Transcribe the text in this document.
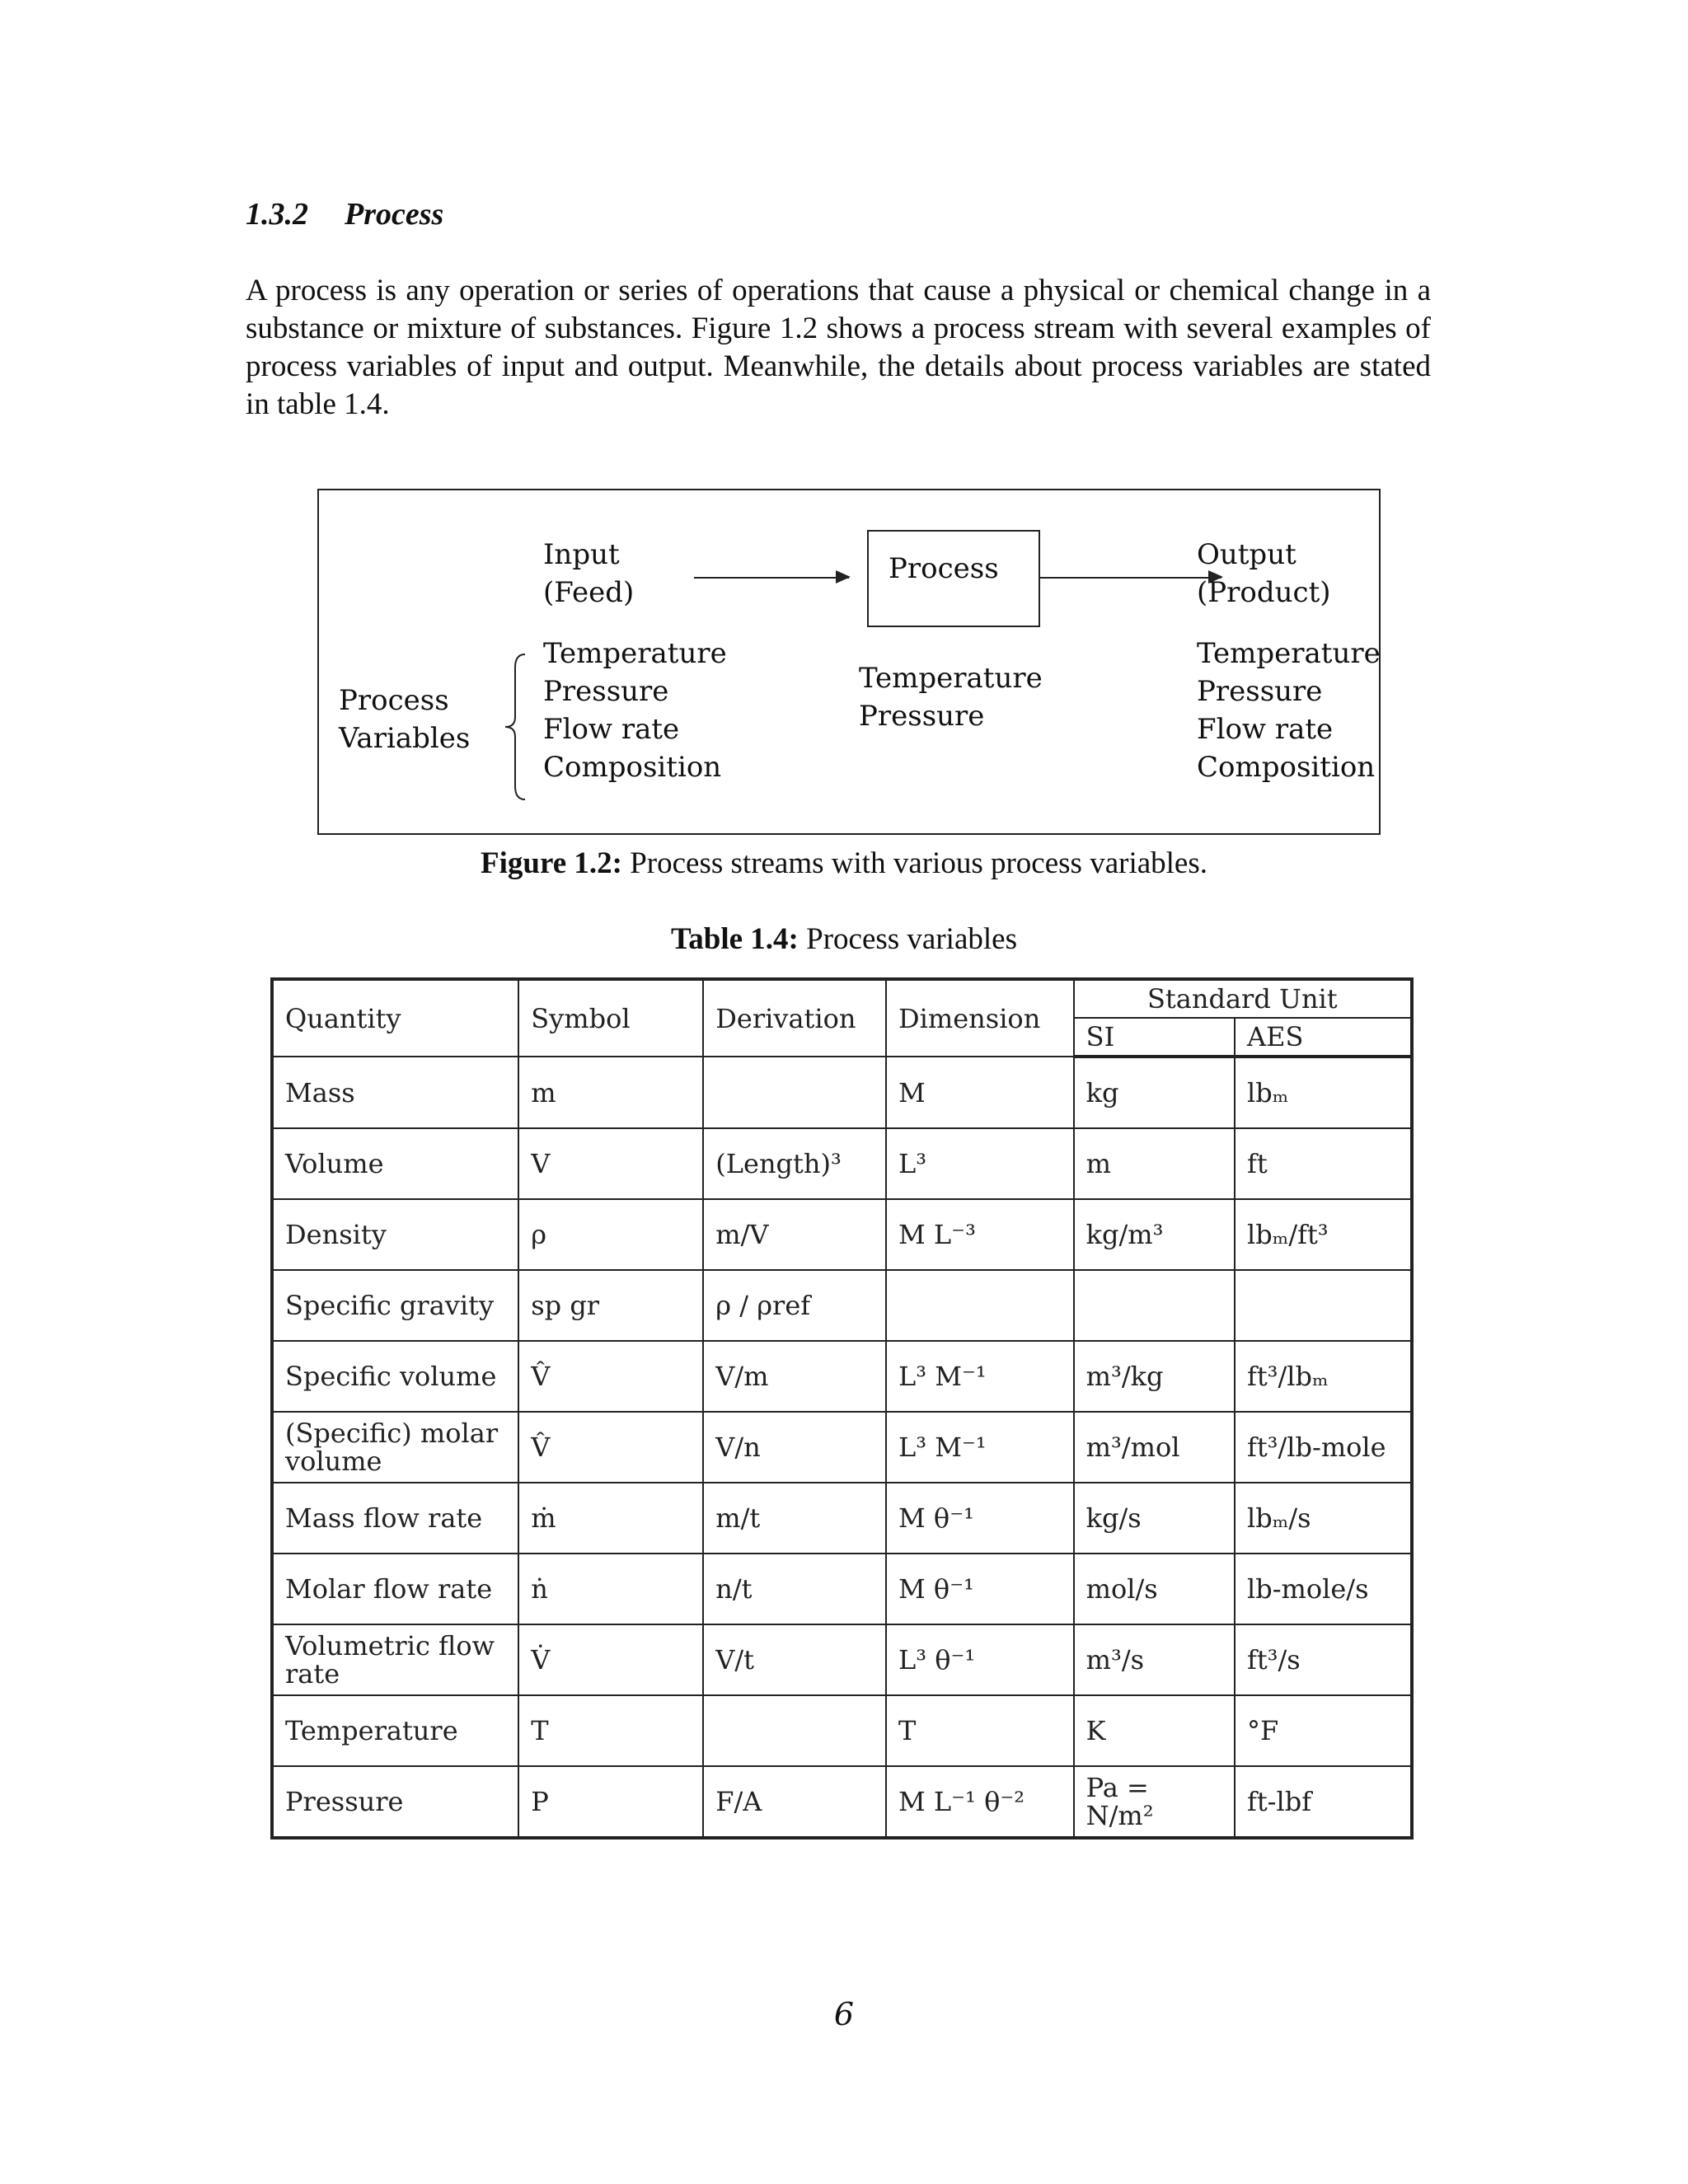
1.3.2 Process

A process is any operation or series of operations that cause a physical or chemical change in a substance or mixture of substances. Figure 1.2 shows a process stream with several examples of process variables of input and output. Meanwhile, the details about process variables are stated in table 1.4.

Input
(Feed)
Process	Output
(Product)
Process
Variables
Temperature
Pressure
Flow rate
Composition
Temperature
Pressure
Temperature
Pressure
Flow rate
Composition
Figure 1.2: Process streams with various process variables.
Table 1.4: Process variables
Quantity	Symbol	Derivation	Dimension	Standard Unit	
				SI	AES
Mass	m		M	kg	lbₘ
Volume	V	(Length)³	L³	m	ft
Density	ρ	m/V	M L⁻³	kg/m³	lbₘ/ft³
Specific gravity	sp gr	ρ / ρref			
Specific volume	V̂	V/m	L³ M⁻¹	m³/kg	ft³/lbₘ
(Specific) molar volume	V̂	V/n	L³ M⁻¹	m³/mol	ft³/lb-mole
Mass flow rate	ṁ	m/t	M θ⁻¹	kg/s	lbₘ/s
Molar flow rate	ṅ	n/t	M θ⁻¹	mol/s	lb-mole/s
Volumetric flow rate	V̇	V/t	L³ θ⁻¹	m³/s	ft³/s
Temperature	T		T	K	°F
Pressure	P	F/A	M L⁻¹ θ⁻²	Pa = N/m²	ft-lbf
6
